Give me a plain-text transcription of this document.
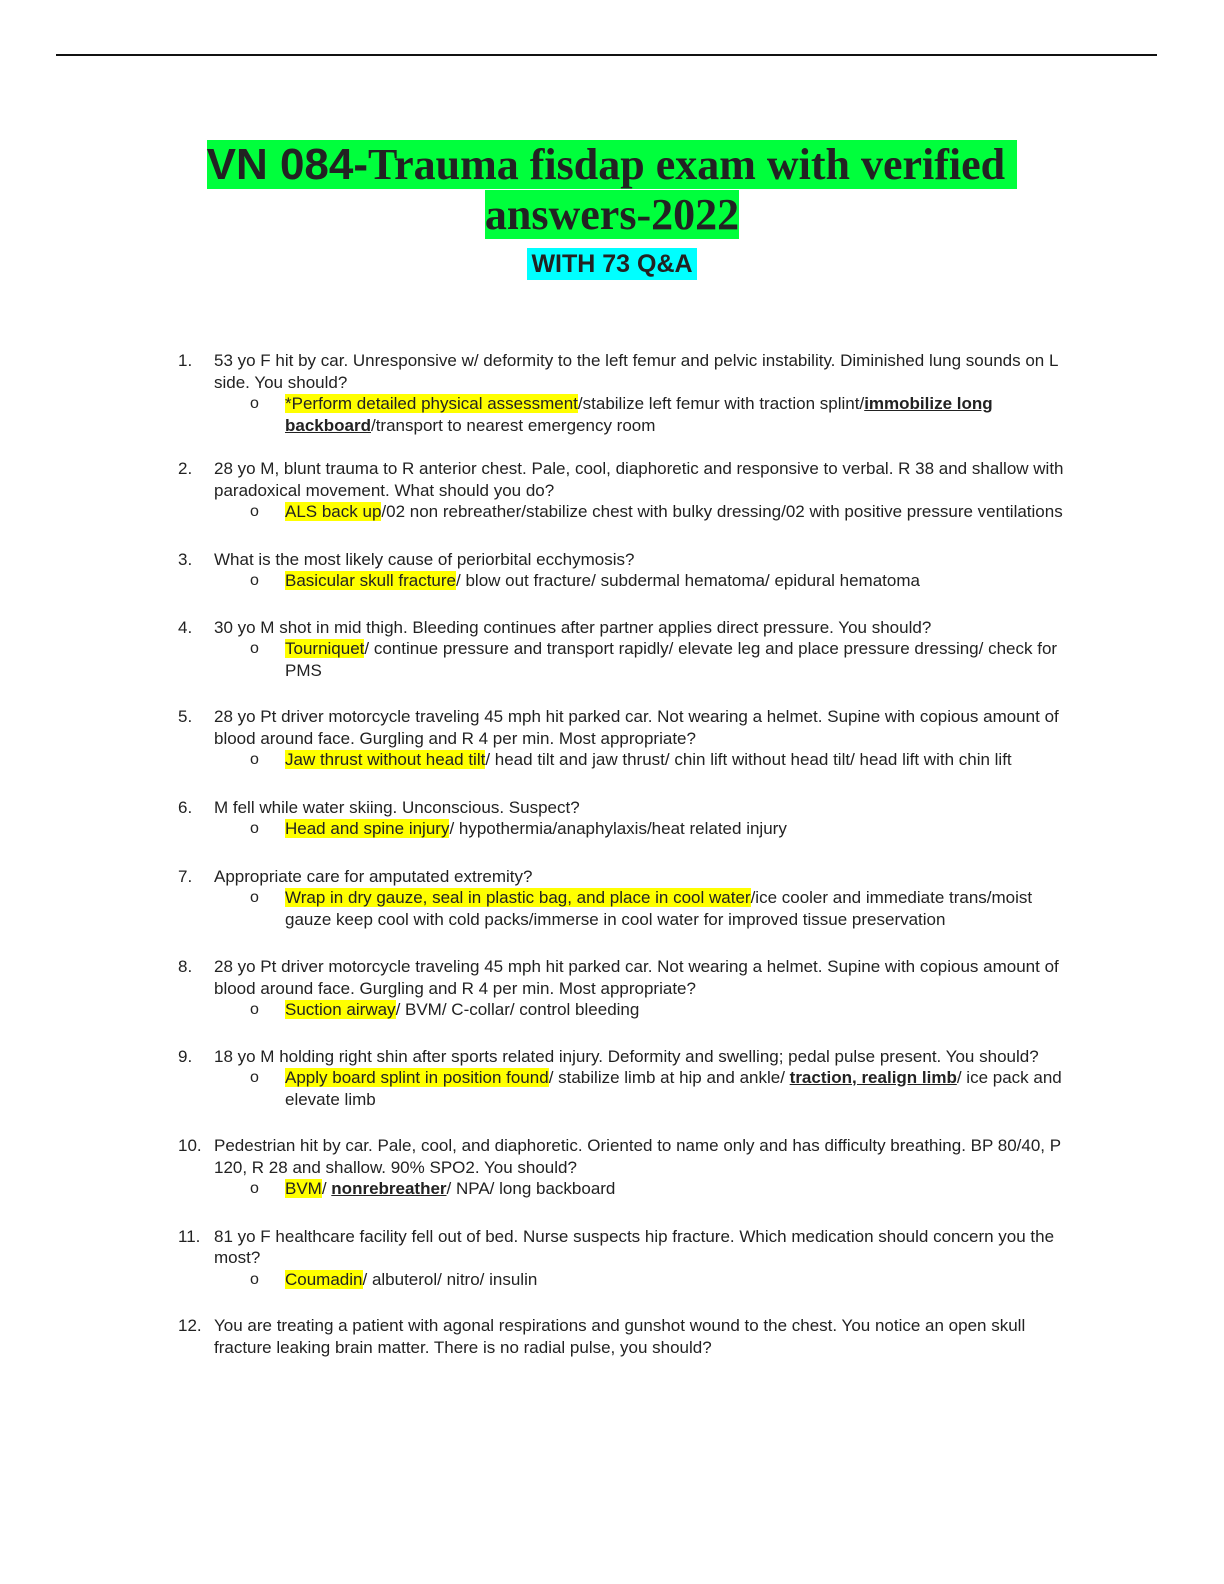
VN 084-Trauma fisdap exam with verified
answers-2022
WITH 73 Q&A
1. 53 yo F hit by car. Unresponsive w/ deformity to the left femur and pelvic instability. Diminished lung sounds on L side. You should?
o *Perform detailed physical assessment/stabilize left femur with traction splint/immobilize long backboard/transport to nearest emergency room
2. 28 yo M, blunt trauma to R anterior chest. Pale, cool, diaphoretic and responsive to verbal. R 38 and shallow with paradoxical movement. What should you do?
o ALS back up/02 non rebreather/stabilize chest with bulky dressing/02 with positive pressure ventilations
3. What is the most likely cause of periorbital ecchymosis?
o Basicular skull fracture/ blow out fracture/ subdermal hematoma/ epidural hematoma
4. 30 yo M shot in mid thigh. Bleeding continues after partner applies direct pressure. You should?
o Tourniquet/ continue pressure and transport rapidly/ elevate leg and place pressure dressing/ check for PMS
5. 28 yo Pt driver motorcycle traveling 45 mph hit parked car. Not wearing a helmet. Supine with copious amount of blood around face. Gurgling and R 4 per min. Most appropriate?
o Jaw thrust without head tilt/ head tilt and jaw thrust/ chin lift without head tilt/ head lift with chin lift
6. M fell while water skiing. Unconscious. Suspect?
o Head and spine injury/ hypothermia/anaphylaxis/heat related injury
7. Appropriate care for amputated extremity?
o Wrap in dry gauze, seal in plastic bag, and place in cool water/ice cooler and immediate trans/moist gauze keep cool with cold packs/immerse in cool water for improved tissue preservation
8. 28 yo Pt driver motorcycle traveling 45 mph hit parked car. Not wearing a helmet. Supine with copious amount of blood around face. Gurgling and R 4 per min. Most appropriate?
o Suction airway/ BVM/ C-collar/ control bleeding
9. 18 yo M holding right shin after sports related injury. Deformity and swelling; pedal pulse present. You should?
o Apply board splint in position found/ stabilize limb at hip and ankle/ traction, realign limb/ ice pack and elevate limb
10. Pedestrian hit by car. Pale, cool, and diaphoretic. Oriented to name only and has difficulty breathing. BP 80/40, P 120, R 28 and shallow. 90% SPO2. You should?
o BVM/ nonrebreather/ NPA/ long backboard
11. 81 yo F healthcare facility fell out of bed. Nurse suspects hip fracture. Which medication should concern you the most?
o Coumadin/ albuterol/ nitro/ insulin
12. You are treating a patient with agonal respirations and gunshot wound to the chest. You notice an open skull fracture leaking brain matter. There is no radial pulse, you should?
